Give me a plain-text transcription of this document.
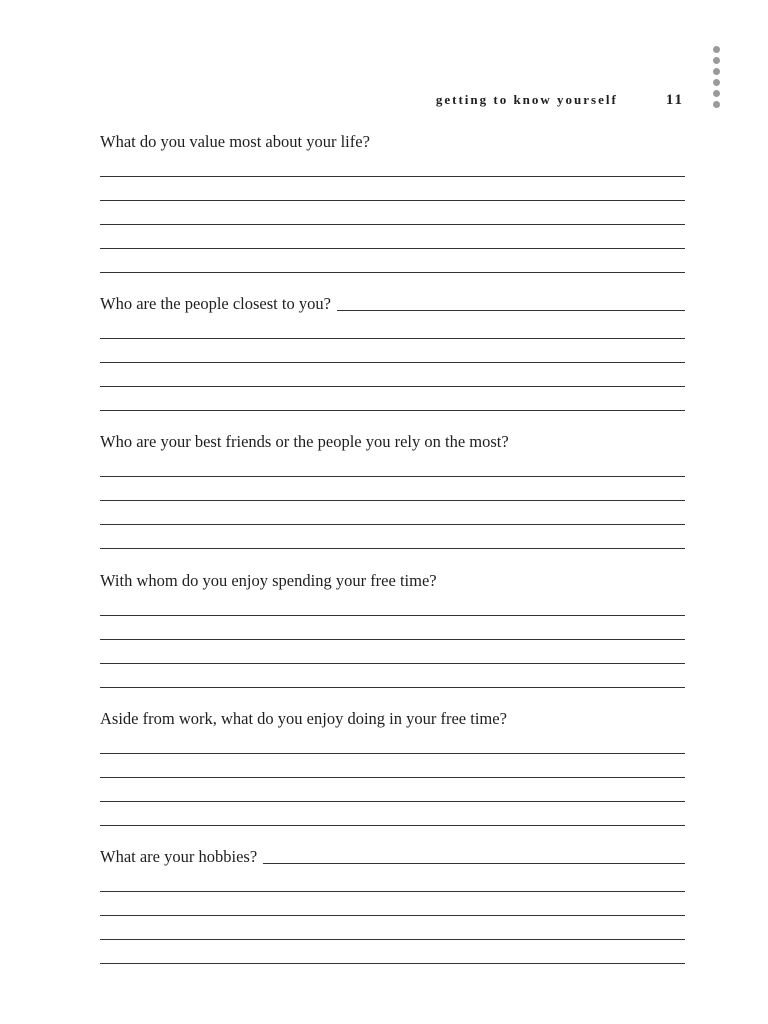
getting to know yourself	11
What do you value most about your life?
Who are the people closest to you?
Who are your best friends or the people you rely on the most?
With whom do you enjoy spending your free time?
Aside from work, what do you enjoy doing in your free time?
What are your hobbies?
